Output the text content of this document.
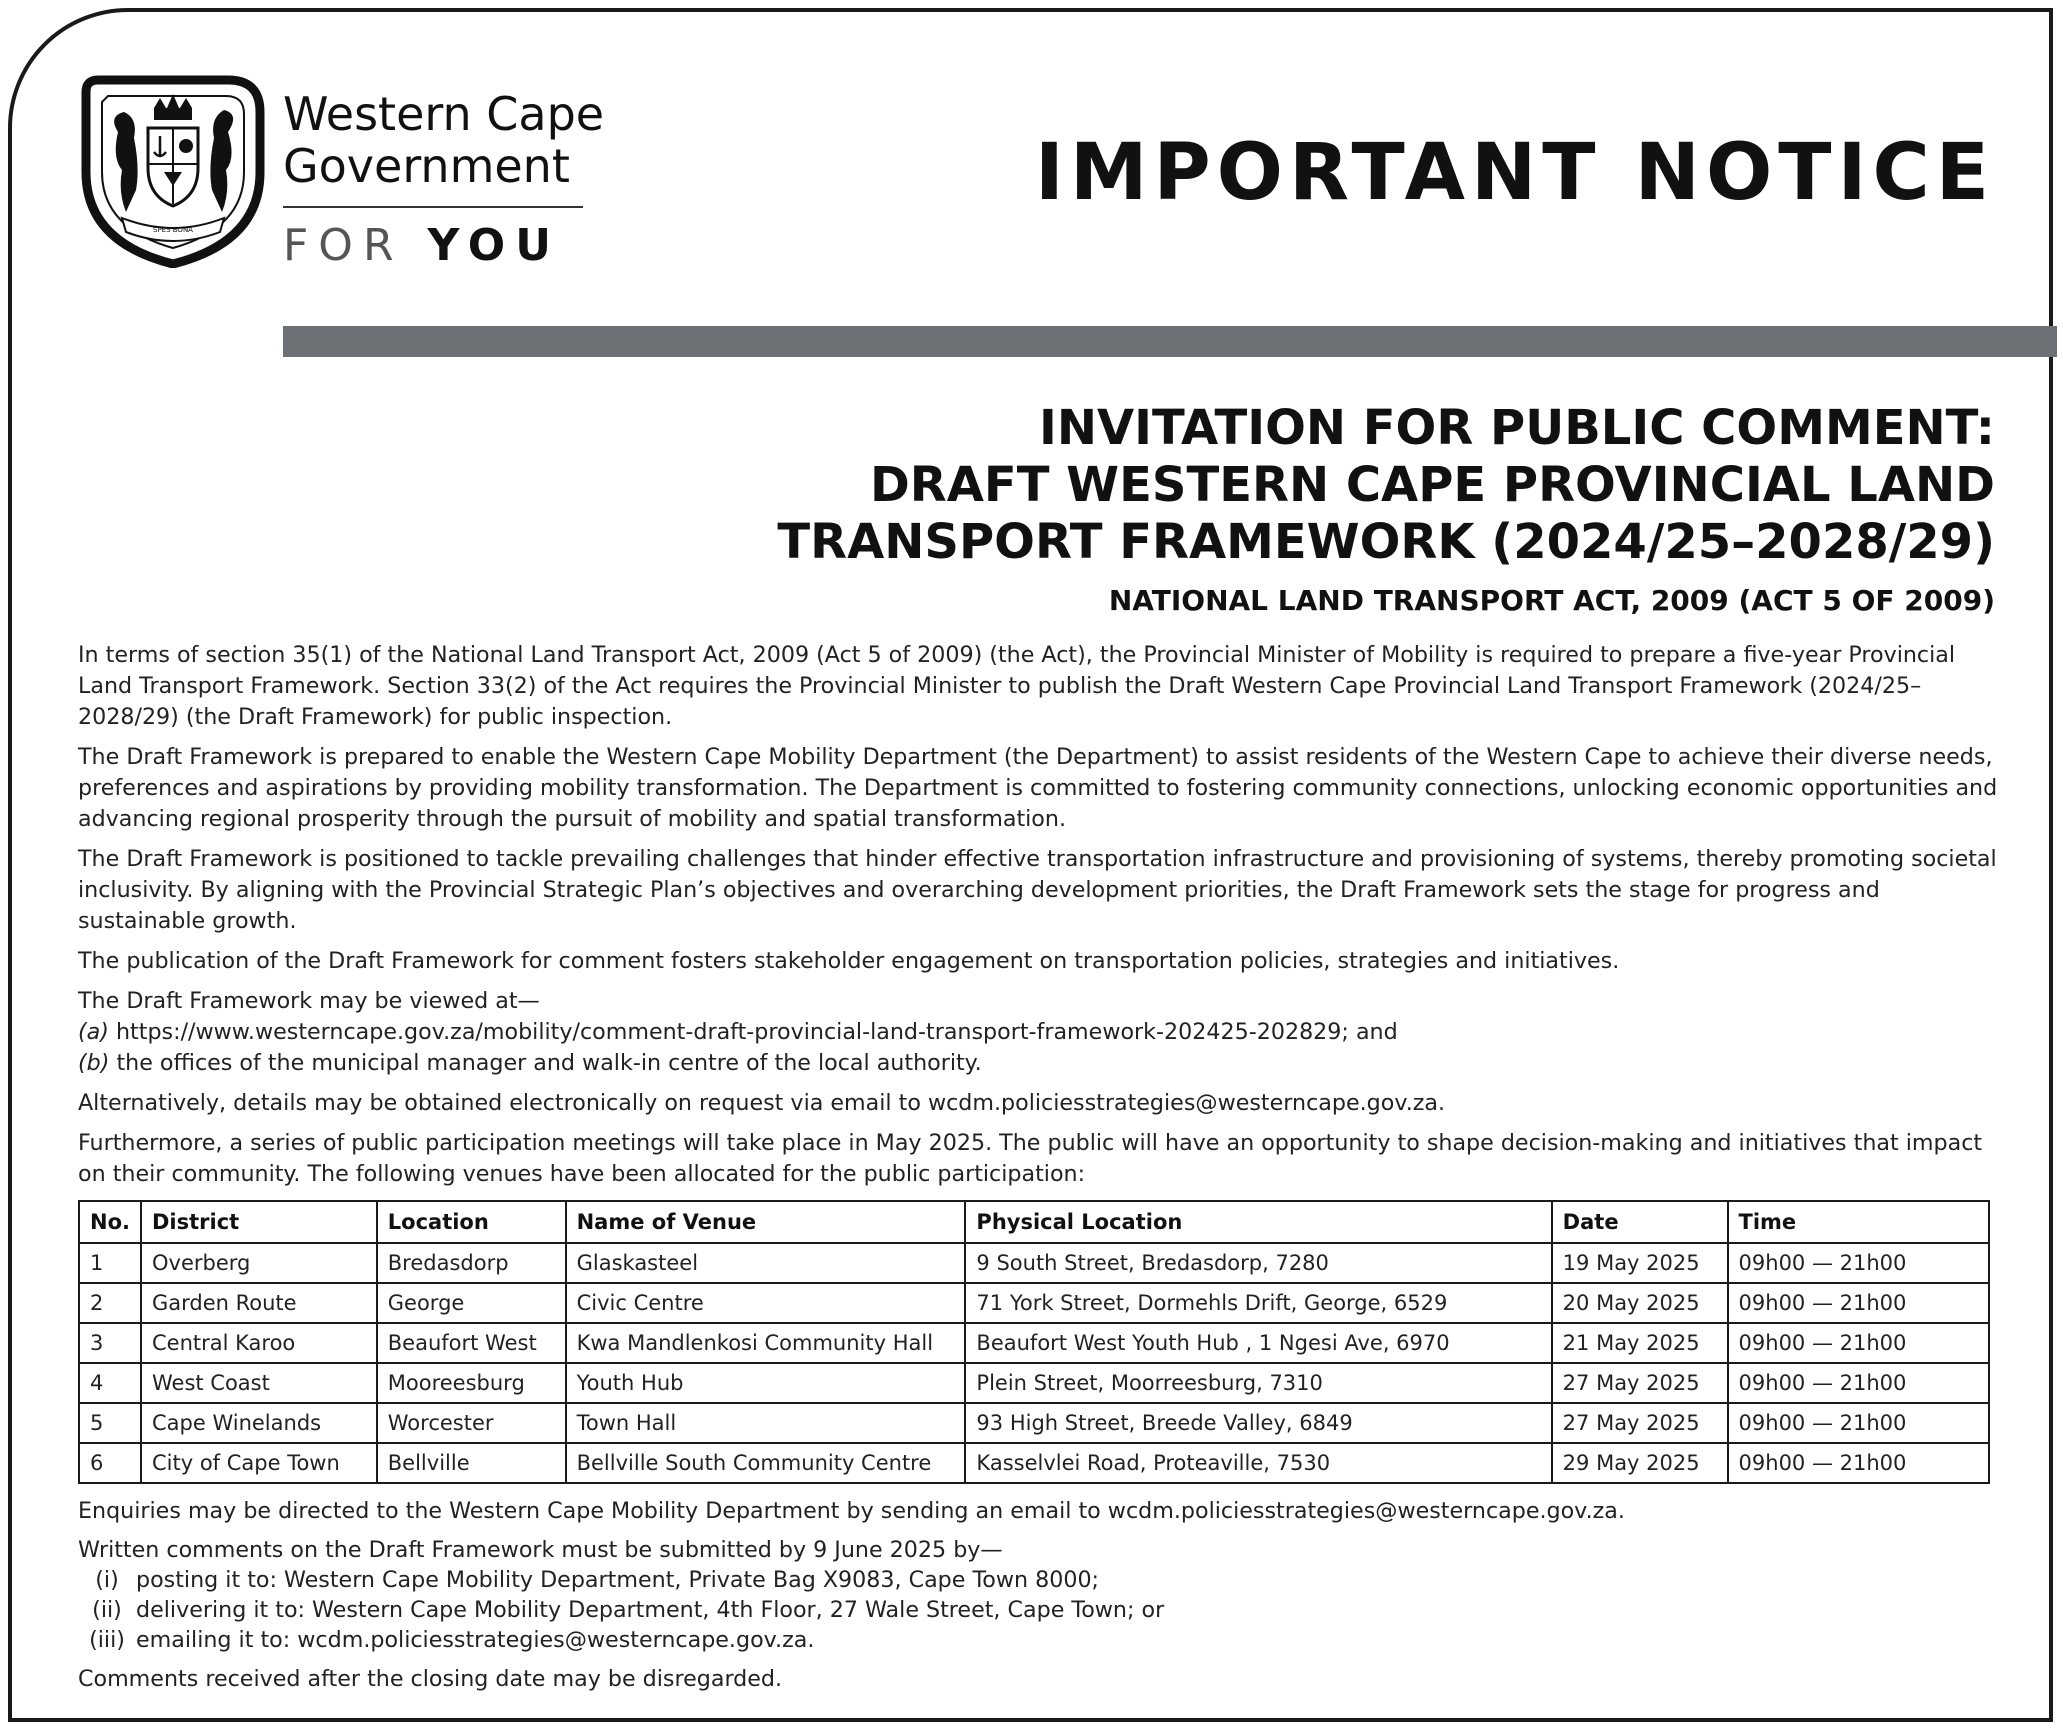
SPES BONA
Western Cape
Government
FOR YOU
IMPORTANT NOTICE
INVITATION FOR PUBLIC COMMENT:
DRAFT WESTERN CAPE PROVINCIAL LAND
TRANSPORT FRAMEWORK (2024/25–2028/29)
NATIONAL LAND TRANSPORT ACT, 2009 (ACT 5 OF 2009)

In terms of section 35(1) of the National Land Transport Act, 2009 (Act 5 of 2009) (the Act), the Provincial Minister of Mobility is required to prepare a five-year Provincial Land Transport Framework. Section 33(2) of the Act requires the Provincial Minister to publish the Draft Western Cape Provincial Land Transport Framework (2024/25–2028/29) (the Draft Framework) for public inspection.

The Draft Framework is prepared to enable the Western Cape Mobility Department (the Department) to assist residents of the Western Cape to achieve their diverse needs, preferences and aspirations by providing mobility transformation. The Department is committed to fostering community connections, unlocking economic opportunities and advancing regional prosperity through the pursuit of mobility and spatial transformation.

The Draft Framework is positioned to tackle prevailing challenges that hinder effective transportation infrastructure and provisioning of systems, thereby promoting societal inclusivity. By aligning with the Provincial Strategic Plan’s objectives and overarching development priorities, the Draft Framework sets the stage for progress and sustainable growth.

The publication of the Draft Framework for comment fosters stakeholder engagement on transportation policies, strategies and initiatives.

The Draft Framework may be viewed at—
(a) https://www.westerncape.gov.za/mobility/comment-draft-provincial-land-transport-framework-202425-202829; and
(b) the offices of the municipal manager and walk-in centre of the local authority.

Alternatively, details may be obtained electronically on request via email to wcdm.policiesstrategies@westerncape.gov.za.

Furthermore, a series of public participation meetings will take place in May 2025. The public will have an opportunity to shape decision-making and initiatives that impact on their community. The following venues have been allocated for the public participation:

No.	District	Location	Name of Venue	Physical Location	Date	Time
1	Overberg	Bredasdorp	Glaskasteel	9 South Street, Bredasdorp, 7280	19 May 2025	09h00 — 21h00
2	Garden Route	George	Civic Centre	71 York Street, Dormehls Drift, George, 6529	20 May 2025	09h00 — 21h00
3	Central Karoo	Beaufort West	Kwa Mandlenkosi Community Hall	Beaufort West Youth Hub , 1 Ngesi Ave, 6970	21 May 2025	09h00 — 21h00
4	West Coast	Mooreesburg	Youth Hub	Plein Street, Moorreesburg, 7310	27 May 2025	09h00 — 21h00
5	Cape Winelands	Worcester	Town Hall	93 High Street, Breede Valley, 6849	27 May 2025	09h00 — 21h00
6	City of Cape Town	Bellville	Bellville South Community Centre	Kasselvlei Road, Proteaville, 7530	29 May 2025	09h00 — 21h00

Enquiries may be directed to the Western Cape Mobility Department by sending an email to wcdm.policiesstrategies@westerncape.gov.za.

Written comments on the Draft Framework must be submitted by 9 June 2025 by—
(i) posting it to: Western Cape Mobility Department, Private Bag X9083, Cape Town 8000;
(ii) delivering it to: Western Cape Mobility Department, 4th Floor, 27 Wale Street, Cape Town; or
(iii) emailing it to: wcdm.policiesstrategies@westerncape.gov.za.

Comments received after the closing date may be disregarded.
